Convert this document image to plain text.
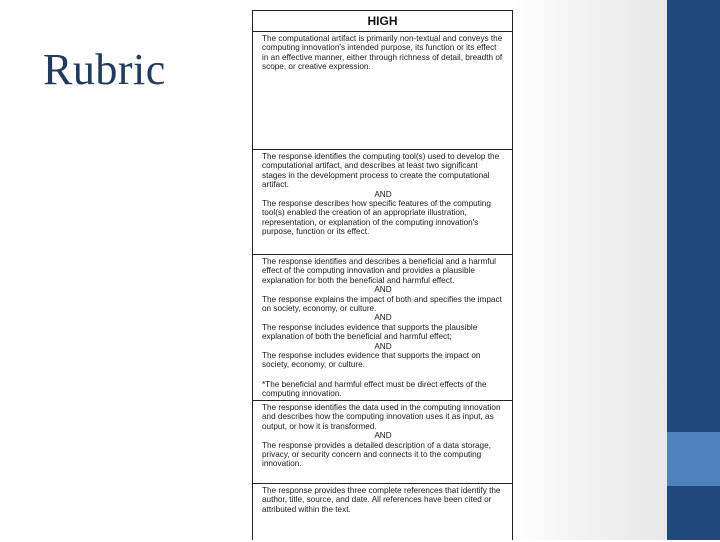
Rubric
HIGH

The computational artifact is primarily non-textual and conveys the computing innovation's intended purpose, its function or its effect in an effective manner, either through richness of detail, breadth of scope, or creative expression.

The response identifies the computing tool(s) used to develop the computational artifact, and describes at least two significant stages in the development process to create the computational artifact.

AND

The response describes how specific features of the computing tool(s) enabled the creation of an appropriate illustration, representation, or explanation of the computing innovation's purpose, function or its effect.

The response identifies and describes a beneficial and a harmful effect of the computing innovation and provides a plausible explanation for both the beneficial and harmful effect.

AND

The response explains the impact of both and specifies the impact on society, economy, or culture.

AND

The response includes evidence that supports the plausible explanation of both the beneficial and harmful effect;

AND

The response includes evidence that supports the impact on society, economy, or culture.

*The beneficial and harmful effect must be direct effects of the computing innovation.

The response identifies the data used in the computing innovation and describes how the computing innovation uses it as input, as output, or how it is transformed.

AND

The response provides a detailed description of a data storage, privacy, or security concern and connects it to the computing innovation.

The response provides three complete references that identify the author, title, source, and date. All references have been cited or attributed within the text.
